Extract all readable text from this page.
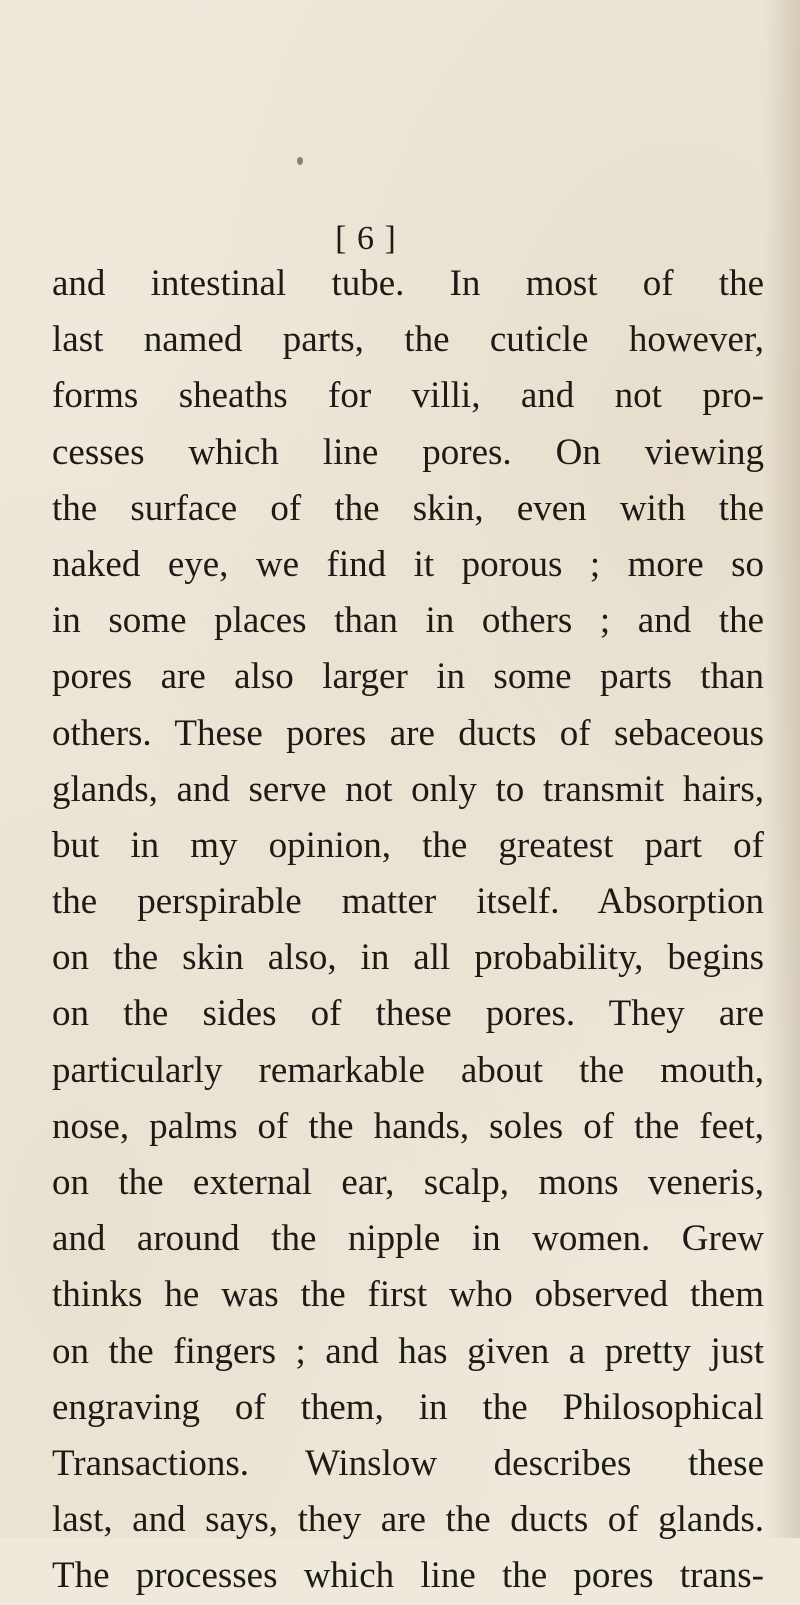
[ 6 ]
and intestinal tube. In most of the
last named parts, the cuticle however,
forms sheaths for villi, and not pro-
cesses which line pores. On viewing
the surface of the skin, even with the
naked eye, we find it porous ; more so
in some places than in others ; and the
pores are also larger in some parts than
others. These pores are ducts of sebaceous
glands, and serve not only to transmit hairs,
but in my opinion, the greatest part of
the perspirable matter itself. Absorption
on the skin also, in all probability, begins
on the sides of these pores. They are
particularly remarkable about the mouth,
nose, palms of the hands, soles of the feet,
on the external ear, scalp, mons veneris,
and around the nipple in women. Grew
thinks he was the first who observed them
on the fingers ; and has given a pretty just
engraving of them, in the Philosophical
Transactions. Winslow describes these
last, and says, they are the ducts of glands.
The processes which line the pores trans-
